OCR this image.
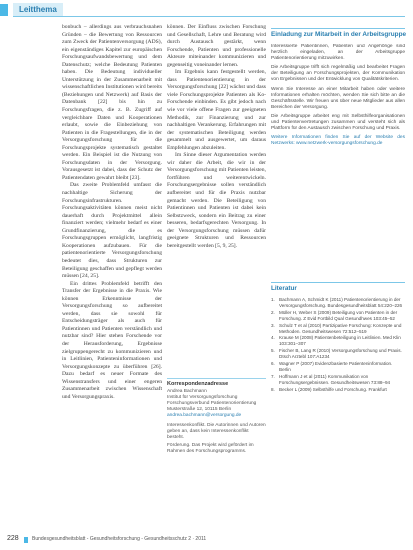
Leitthema

bonbuch – allerdings aus verbrauchsnahen Gründen – die Bewertung von Ressourcen zum Zweck der Patientenversorgung (ADS), ein eigenständiges Kapitel zur europäischen Forschungsaufwandsbewertung und dem Datenschutz; welche Bedeutung Patienten haben. Die Bedeutung individueller Unterstützung in der Zusammenarbeit mit wissenschaftlichen Institutionen wird bereits (Beziehungen und Netzwerk) auf Basis der Datenbank [22] bis hin zu Forschungsfragen, die z. B. Zugriff auf vergleichbare Daten und Kooperationen erlaubt, sowie die Einbeziehung von Patienten in die Fragestellungen, die in der Versorgungsforschung für die Forschungsprojekte systematisch gestaltet werden. Ein Beispiel ist die Nutzung von Forschungsdaten in der Versorgung. Vorausgesetzt ist dabei, dass der Schutz der Patientendaten gewahrt bleibt [23].

Das zweite Problemfeld umfasst die nachhaltige Sicherung der Forschungsinfrastrukturen. Forschungsaktivitäten können meist nicht dauerhaft durch Projektmittel allein finanziert werden; vielmehr bedarf es einer Grundfinanzierung, die es Forschungsgruppen ermöglicht, langfristig Kooperationen aufzubauen. Für die patientenorientierte Versorgungsforschung bedeutet dies, dass Strukturen zur Beteiligung geschaffen und gepflegt werden müssen [24, 25].

Ein drittes Problemfeld betrifft den Transfer der Ergebnisse in die Praxis. Wie können Erkenntnisse der Versorgungsforschung so aufbereitet werden, dass sie sowohl für Entscheidungsträger als auch für Patientinnen und Patienten verständlich und nutzbar sind? Hier stehen Forschende vor der Herausforderung, Ergebnisse zielgruppengerecht zu kommunizieren und in Leitlinien, Patienteninformationen und Versorgungskonzepte zu überführen [26]. Dazu bedarf es neuer Formate des Wissenstransfers und einer engeren Zusammenarbeit zwischen Wissenschaft und Versorgungspraxis.

können. Der Einfluss zwischen Forschung und Gesellschaft, Lehre und Beratung wird durch Austausch gestärkt, wenn Forschende, Patienten und professionelle Akteure miteinander kommunizieren und gegenseitig voneinander lernen.

Im Ergebnis kann festgestellt werden, dass Patientenorientierung in der Versorgungsforschung [22] wächst und dass viele Forschungsprojekte Patienten als Ko-Forschende einbinden. Es gibt jedoch nach wie vor viele offene Fragen zur geeigneten Methodik, zur Finanzierung und zur nachhaltigen Verankerung. Erfahrungen mit der systematischen Beteiligung werden gesammelt und ausgewertet, um daraus Empfehlungen abzuleiten.

Im Sinne dieser Argumentation werden wir daher die Arbeit, die wir in der Versorgungsforschung mit Patienten leisten, fortführen und weiterentwickeln. Forschungsergebnisse sollen verständlich aufbereitet und für die Praxis nutzbar gemacht werden. Die Beteiligung von Patientinnen und Patienten ist dabei kein Selbstzweck, sondern ein Beitrag zu einer besseren, bedarfsgerechten Versorgung. In der Versorgungsforschung müssen dafür geeignete Strukturen und Ressourcen bereitgestellt werden [5, 9, 25].

Korrespondenzadresse
Andrea Bachmann
Institut für Versorgungsforschung
Forschungsverbund Patientenorientierung
Musterstraße 12, 10115 Berlin
andrea.bachmann@versorgung.de
Interessenkonflikt. Die Autorinnen und Autoren geben an, dass kein Interessenkonflikt besteht.
Förderung. Das Projekt wird gefördert im Rahmen des Forschungsprogramms.
Einladung zur Mitarbeit in der Arbeitsgruppe

Interessierte Patientinnen, Patienten und Angehörige sind herzlich eingeladen, an der Arbeitsgruppe Patientenorientierung mitzuwirken.

Die Arbeitsgruppe trifft sich regelmäßig und bearbeitet Fragen der Beteiligung an Forschungsprojekten, der Kommunikation von Ergebnissen und der Entwicklung von Qualitätskriterien.

Wenn Sie Interesse an einer Mitarbeit haben oder weitere Informationen erhalten möchten, wenden Sie sich bitte an die Geschäftsstelle. Wir freuen uns über neue Mitglieder aus allen Bereichen der Versorgung.

Die Arbeitsgruppe arbeitet eng mit Selbsthilfeorganisationen und Patientenvertretungen zusammen und versteht sich als Plattform für den Austausch zwischen Forschung und Praxis.

Weitere Informationen finden Sie auf der Website des Netzwerks: www.netzwerk-versorgungsforschung.de

Literatur
1. Bachmann A, Schmidt K (2011) Patientenorientierung in der Versorgungsforschung. Bundesgesundheitsblatt 54:220–226
2. Müller H, Weber S (2009) Beteiligung von Patienten in der Forschung. Z Evid Fortbild Qual Gesundhwes 103:45–52
3. Schulz T et al (2010) Partizipative Forschung: Konzepte und Methoden. Gesundheitswesen 72:512–519
4. Krause M (2008) Patientenbeteiligung in Leitlinien. Med Klin 103:301–307
5. Fischer B, Lang R (2010) Versorgungsforschung und Praxis. Dtsch Arztebl 107:A1234
6. Wagner P (2007) Evidenzbasierte Patienteninformation. Berlin
7. Hoffmann J et al (2011) Kommunikation von Forschungsergebnissen. Gesundheitswesen 73:88–94
8. Becker L (2009) Selbsthilfe und Forschung. Frankfurt
228	Bundesgesundheitsblatt - Gesundheitsforschung - Gesundheitsschutz 2 · 2011
